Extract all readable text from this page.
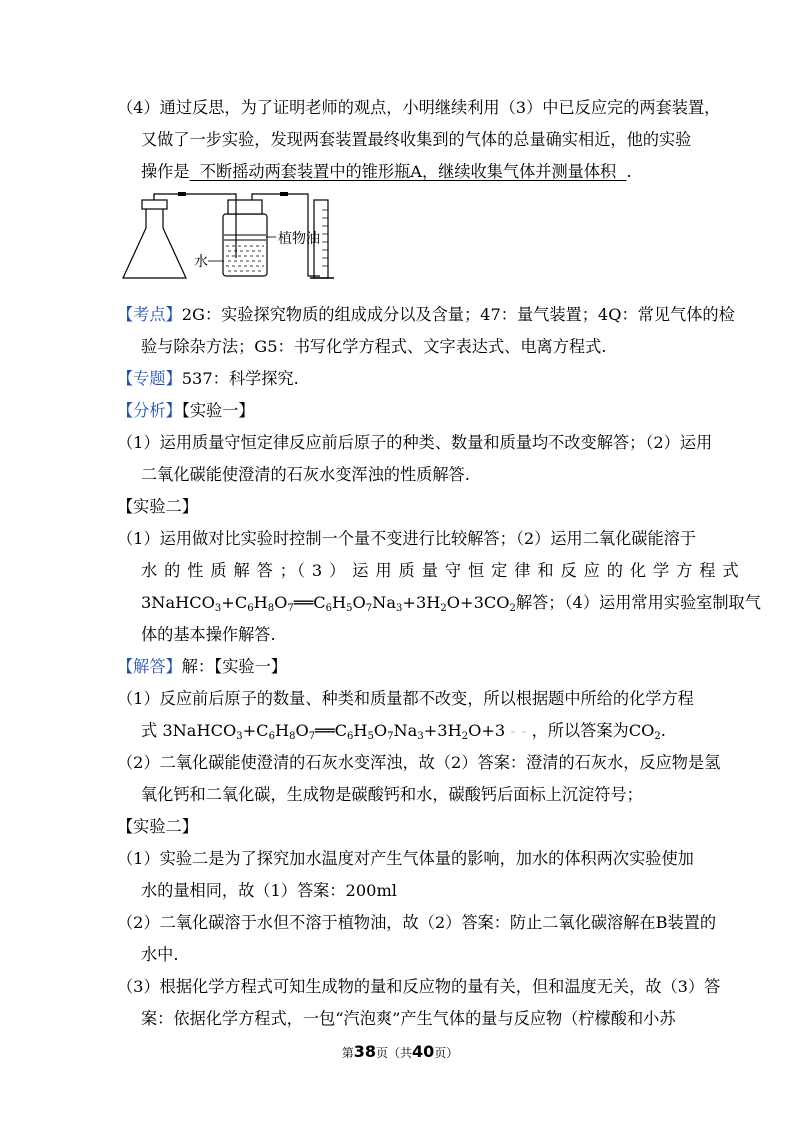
（4）通过反思，为了证明老师的观点，小明继续利用（3）中已反应完的两套装置，
又做了一步实验，发现两套装置最终收集到的气体的总量确实相近，他的实验
操作是  不断摇动两套装置中的锥形瓶A，继续收集气体并测量体积  .
植物油
水
【考点】2G：实验探究物质的组成成分以及含量；47：量气装置；4Q：常见气体的检
验与除杂方法；G5：书写化学方程式、文字表达式、电离方程式.
【专题】537：科学探究.
【分析】【实验一】
（1）运用质量守恒定律反应前后原子的种类、数量和质量均不改变解答；（2）运用
二氧化碳能使澄清的石灰水变浑浊的性质解答.
【实验二】
（1）运用做对比实验时控制一个量不变进行比较解答；（2）运用二氧化碳能溶于
水 的 性 质 解 答 ；（ 3 ） 运 用 质 量 守 恒 定 律 和 反 应 的 化 学 方 程 式
$3NaHCO_3+C_6H_8O_7══C_6H_5O_7Na_3+3H_2O+3CO_2$解答；（4）运用常用实验室制取气
体的基本操作解答.
【解答】解：【实验一】
（1）反应前后原子的数量、种类和质量都不改变，所以根据题中所给的化学方程
式 $3NaHCO_3+C_6H_8O_7══C_6H_5O_7Na_3+3H_2O+3$ - - ，所以答案为$CO_2$.
（2）二氧化碳能使澄清的石灰水变浑浊，故（2）答案：澄清的石灰水，反应物是氢
氧化钙和二氧化碳，生成物是碳酸钙和水，碳酸钙后面标上沉淀符号；
【实验二】
（1）实验二是为了探究加水温度对产生气体量的影响，加水的体积两次实验使加
水的量相同，故（1）答案：200ml
（2）二氧化碳溶于水但不溶于植物油，故（2）答案：防止二氧化碳溶解在B装置的
水中.
（3）根据化学方程式可知生成物的量和反应物的量有关，但和温度无关，故（3）答
案：依据化学方程式，一包“汽泡爽”产生气体的量与反应物（柠檬酸和小苏
第38页（共40页）
